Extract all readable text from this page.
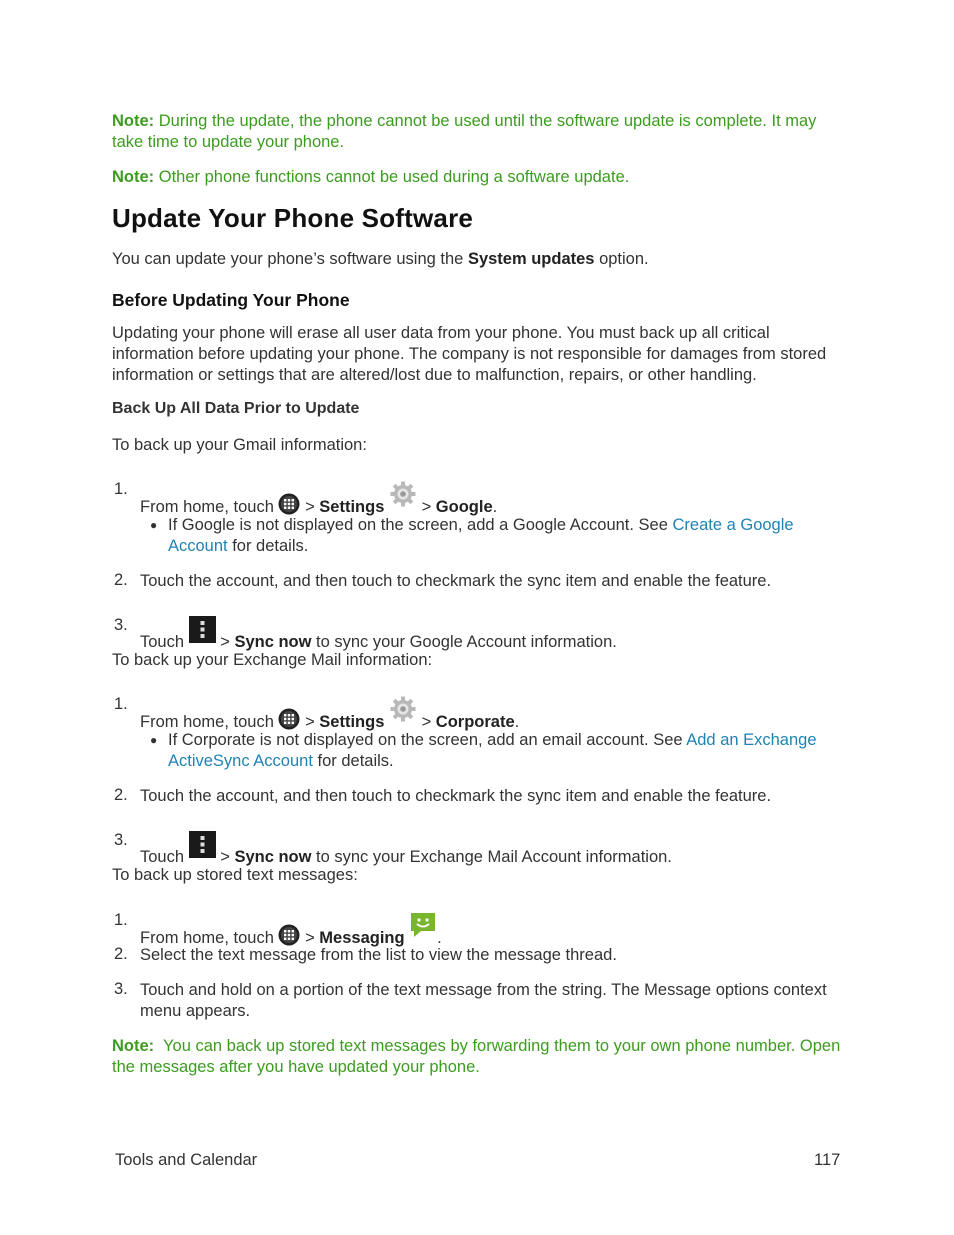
Note: During the update, the phone cannot be used until the software update is complete. It may

take time to update your phone.

Note: Other phone functions cannot be used during a software update.

Update Your Phone Software

You can update your phone’s software using the System updates option.

Before Updating Your Phone

Updating your phone will erase all user data from your phone. You must back up all critical

information before updating your phone. The company is not responsible for damages from stored

information or settings that are altered/lost due to malfunction, repairs, or other handling.

Back Up All Data Prior to Update

To back up your Gmail information:

1.
From home, touch  > Settings  > Google.
● If Google is not displayed on the screen, add a Google Account. See Create a Google
Account for details.
2. Touch the account, and then touch to checkmark the sync item and enable the feature.
3.
Touch  > Sync now to sync your Google Account information.

To back up your Exchange Mail information:

1.
From home, touch  > Settings  > Corporate.
● If Corporate is not displayed on the screen, add an email account. See Add an Exchange
ActiveSync Account for details.
2. Touch the account, and then touch to checkmark the sync item and enable the feature.
3.
Touch  > Sync now to sync your Exchange Mail Account information.

To back up stored text messages:

1.
From home, touch  > Messaging .
2. Select the text message from the list to view the message thread.
3. Touch and hold on a portion of the text message from the string. The Message options context
menu appears.

Note:  You can back up stored text messages by forwarding them to your own phone number. Open

the messages after you have updated your phone.

Tools and Calendar	117
